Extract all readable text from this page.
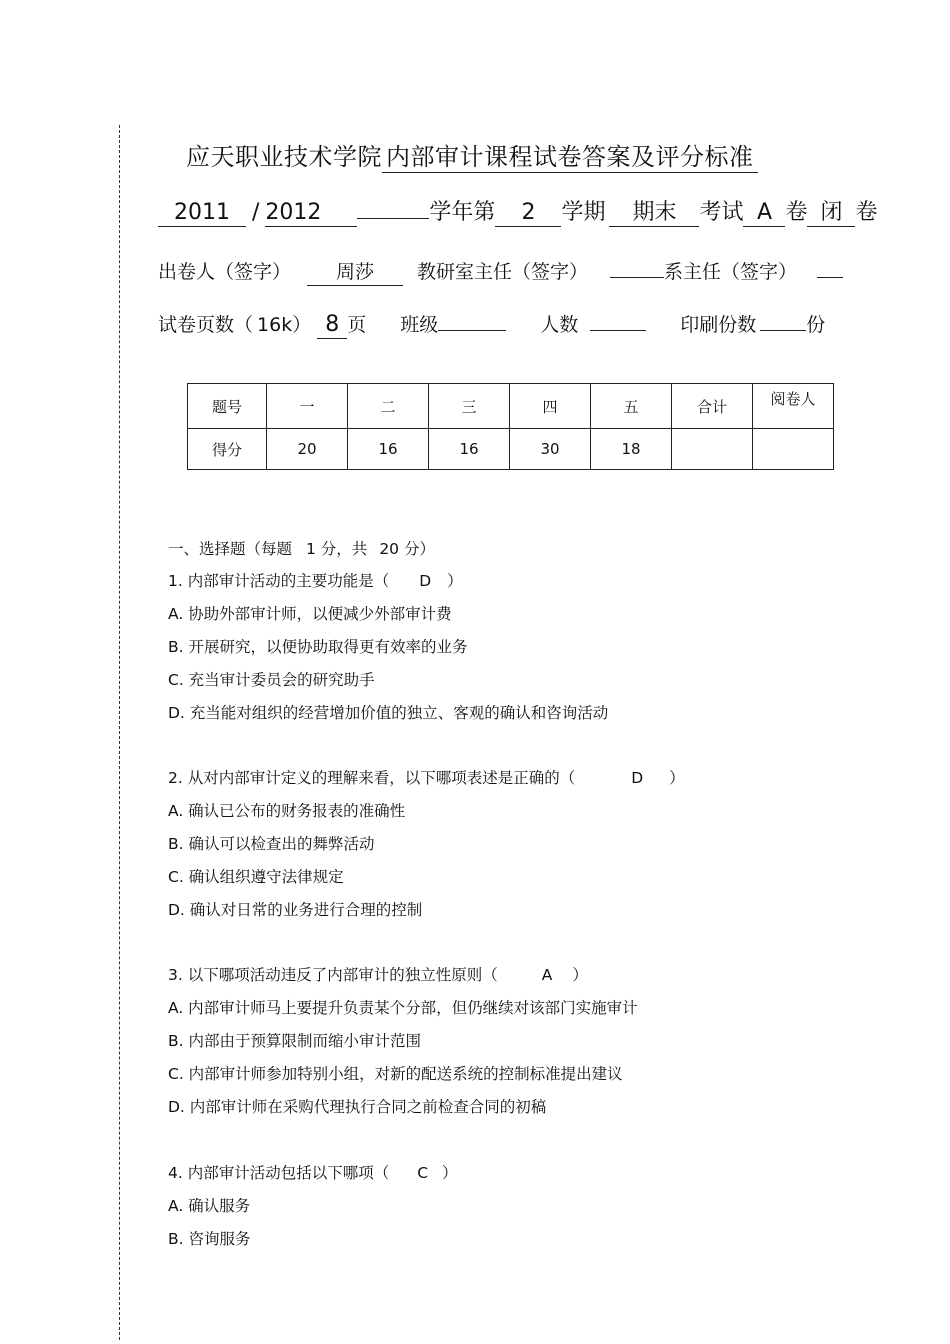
应天职业技术学院 内部审计课程试卷答案及评分标准
2011 / 2012	学年第 2 学期 期末 考试 A 卷 闭 卷
出卷人（签字） 周莎 教研室主任（签字）	系主任（签字）
试卷页数（ 16k） 8 页 班级	人数	印刷份数	份
题号	一	二	三	四	五	合计	阅卷人
得分	20	16	16	30	18		
一、选择题（每题 1 分，共 20 分）
1. 内部审计活动的主要功能是（ D ）
A. 协助外部审计师，以便减少外部审计费
B. 开展研究，以便协助取得更有效率的业务
C. 充当审计委员会的研究助手
D. 充当能对组织的经营增加价值的独立、客观的确认和咨询活动
2. 从对内部审计定义的理解来看，以下哪项表述是正确的（	D ）
A. 确认已公布的财务报表的准确性
B. 确认可以检查出的舞弊活动
C. 确认组织遵守法律规定
D. 确认对日常的业务进行合理的控制
3. 以下哪项活动违反了内部审计的独立性原则（	A ）
A. 内部审计师马上要提升负责某个分部，但仍继续对该部门实施审计
B. 内部由于预算限制而缩小审计范围
C. 内部审计师参加特别小组，对新的配送系统的控制标准提出建议
D. 内部审计师在采购代理执行合同之前检查合同的初稿
4. 内部审计活动包括以下哪项（ C ）
A. 确认服务
B. 咨询服务
